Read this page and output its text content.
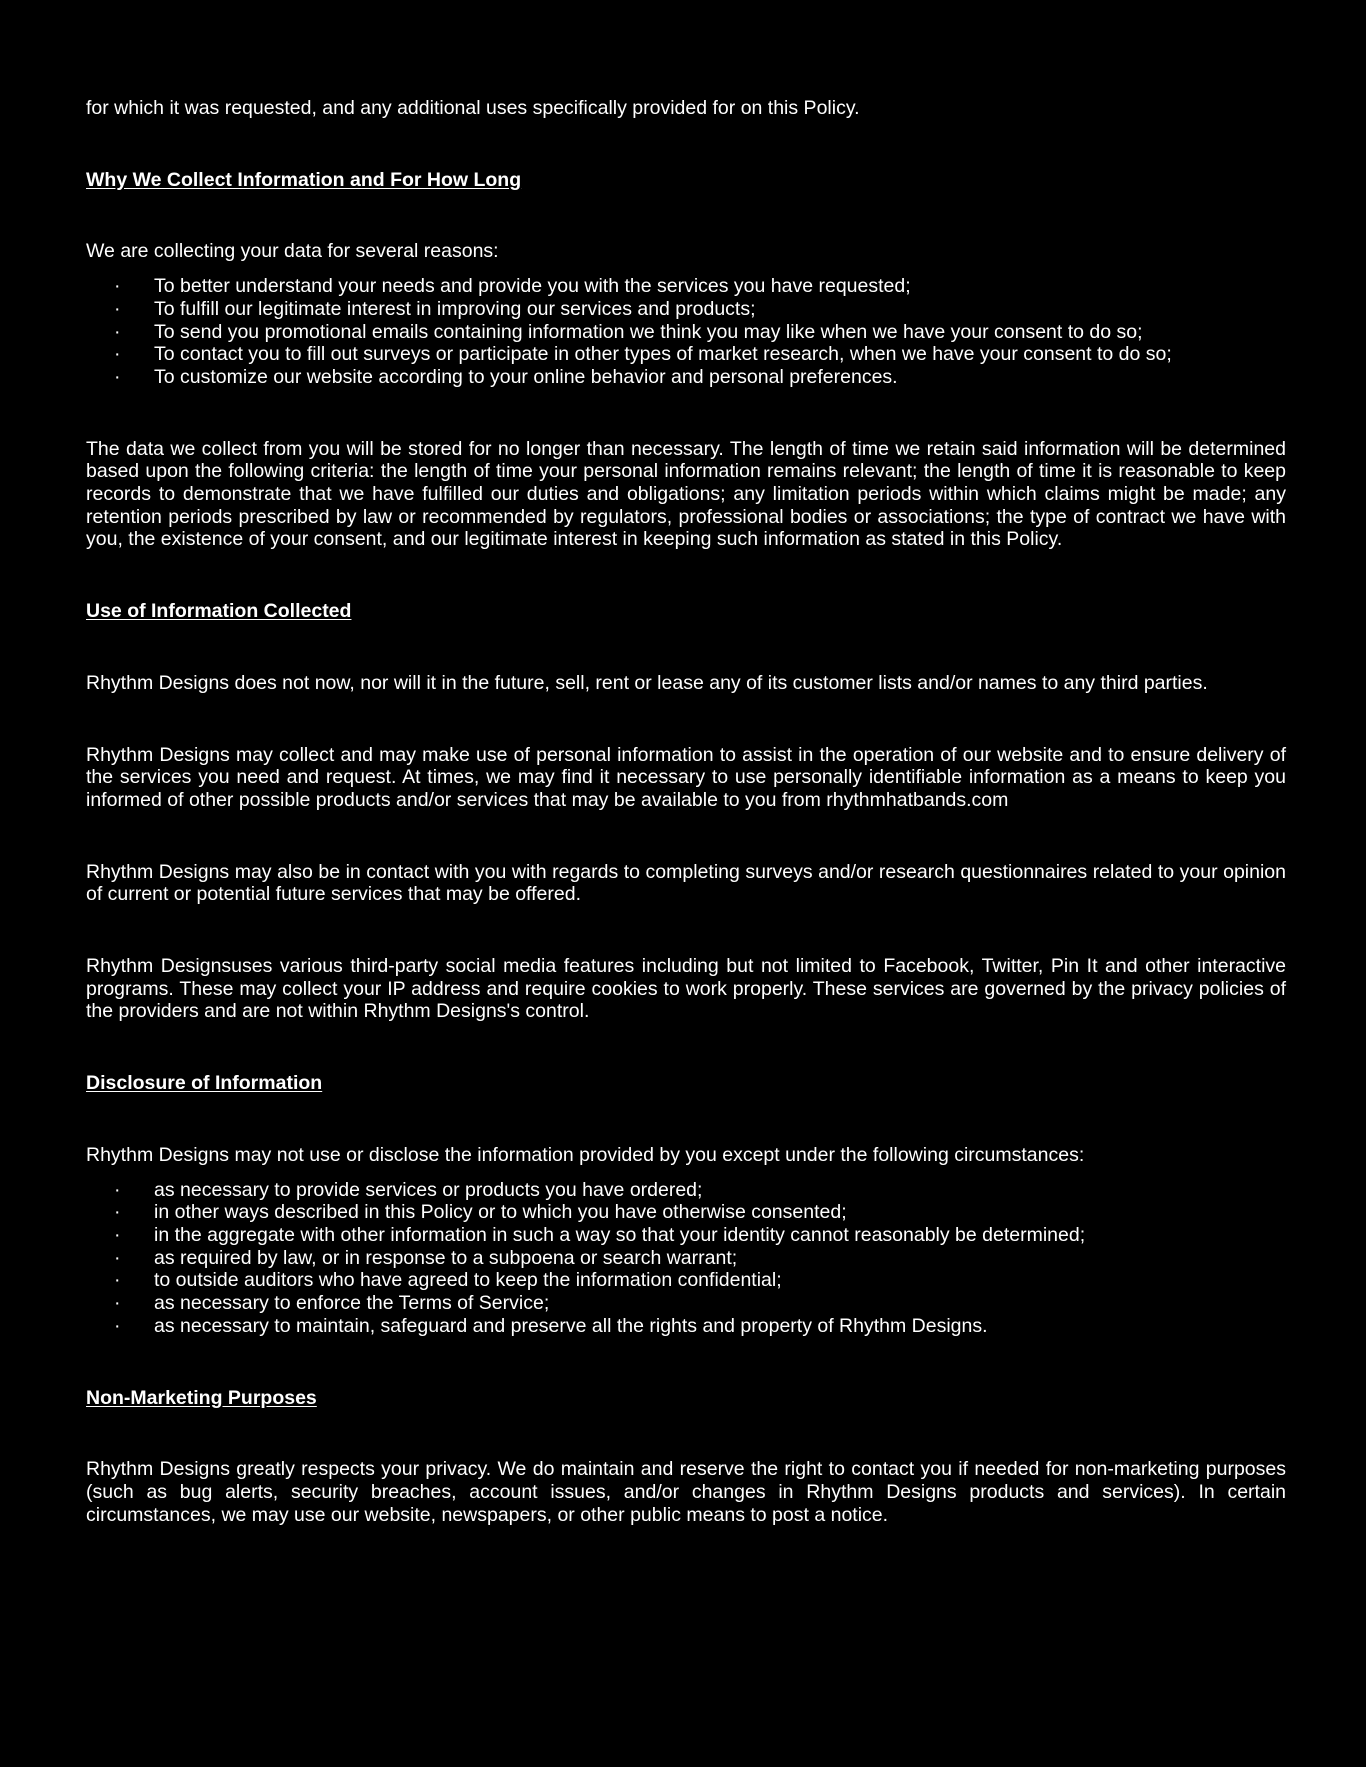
for which it was requested, and any additional uses specifically provided for on this Policy.

Why We Collect Information and For How Long

We are collecting your data for several reasons:

· To better understand your needs and provide you with the services you have requested;
· To fulfill our legitimate interest in improving our services and products;
· To send you promotional emails containing information we think you may like when we have your consent to do so;
· To contact you to fill out surveys or participate in other types of market research, when we have your consent to do so;
· To customize our website according to your online behavior and personal preferences.

The data we collect from you will be stored for no longer than necessary. The length of time we retain said information will be determined based upon the following criteria: the length of time your personal information remains relevant; the length of time it is reasonable to keep records to demonstrate that we have fulfilled our duties and obligations; any limitation periods within which claims might be made; any retention periods prescribed by law or recommended by regulators, professional bodies or associations; the type of contract we have with you, the existence of your consent, and our legitimate interest in keeping such information as stated in this Policy.

Use of Information Collected

Rhythm Designs does not now, nor will it in the future, sell, rent or lease any of its customer lists and/or names to any third parties.

Rhythm Designs may collect and may make use of personal information to assist in the operation of our website and to ensure delivery of the services you need and request. At times, we may find it necessary to use personally identifiable information as a means to keep you informed of other possible products and/or services that may be available to you from rhythmhatbands.com

Rhythm Designs may also be in contact with you with regards to completing surveys and/or research questionnaires related to your opinion of current or potential future services that may be offered.

Rhythm Designsuses various third-party social media features including but not limited to Facebook, Twitter, Pin It and other interactive programs. These may collect your IP address and require cookies to work properly. These services are governed by the privacy policies of the providers and are not within Rhythm Designs's control.

Disclosure of Information

Rhythm Designs may not use or disclose the information provided by you except under the following circumstances:

· as necessary to provide services or products you have ordered;
· in other ways described in this Policy or to which you have otherwise consented;
· in the aggregate with other information in such a way so that your identity cannot reasonably be determined;
· as required by law, or in response to a subpoena or search warrant;
· to outside auditors who have agreed to keep the information confidential;
· as necessary to enforce the Terms of Service;
· as necessary to maintain, safeguard and preserve all the rights and property of Rhythm Designs.
Non-Marketing Purposes

Rhythm Designs greatly respects your privacy. We do maintain and reserve the right to contact you if needed for non-marketing purposes (such as bug alerts, security breaches, account issues, and/or changes in Rhythm Designs products and services). In certain circumstances, we may use our website, newspapers, or other public means to post a notice.
